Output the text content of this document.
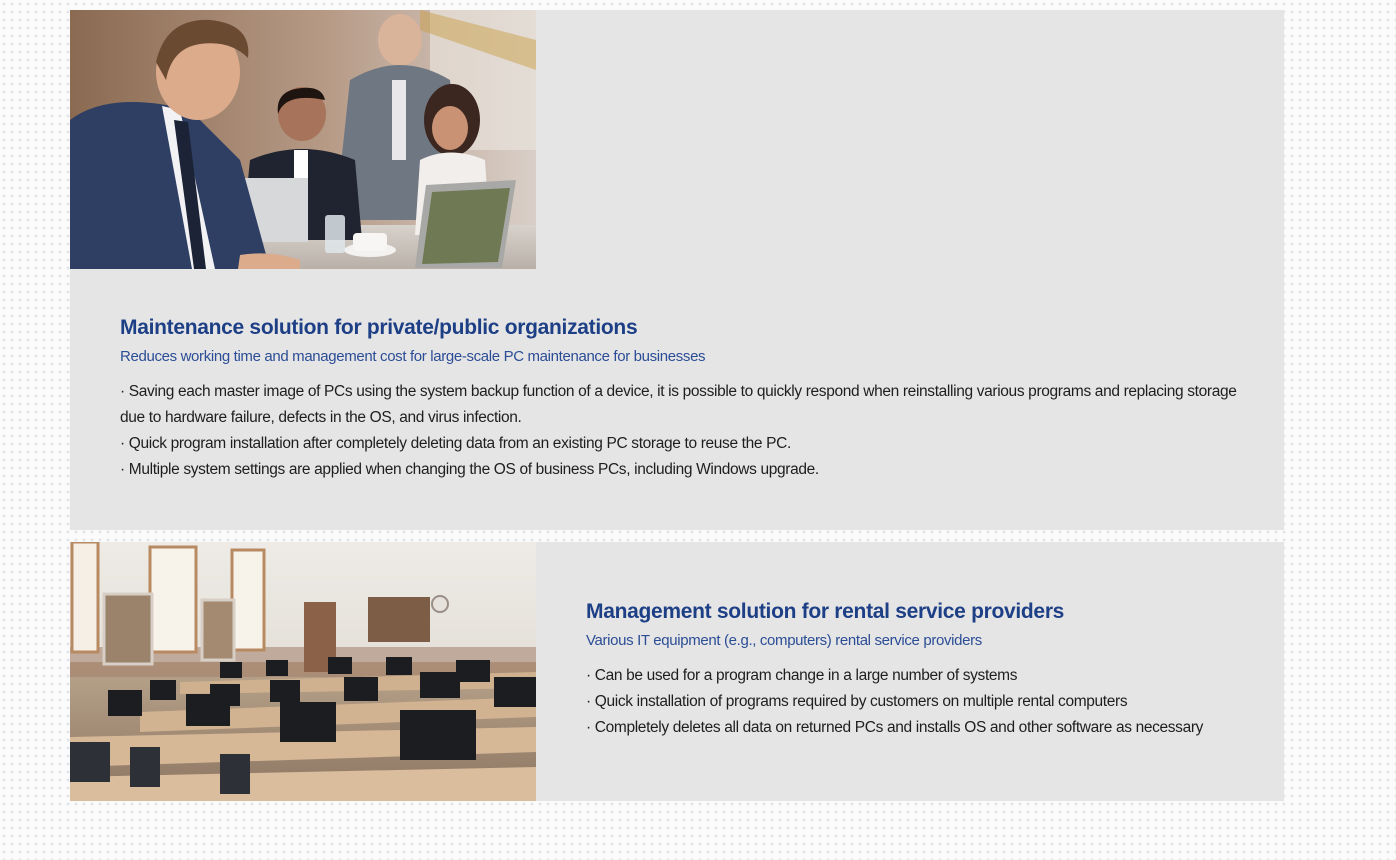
Maintenance solution for private/public organizations

Reduces working time and management cost for large-scale PC maintenance for businesses

· Saving each master image of PCs using the system backup function of a device, it is possible to quickly respond when reinstalling various programs and replacing storage due to hardware failure, defects in the OS, and virus infection.
· Quick program installation after completely deleting data from an existing PC storage to reuse the PC.
· Multiple system settings are applied when changing the OS of business PCs, including Windows upgrade.
Management solution for rental service providers

Various IT equipment (e.g., computers) rental service providers

· Can be used for a program change in a large number of systems
· Quick installation of programs required by customers on multiple rental computers
· Completely deletes all data on returned PCs and installs OS and other software as necessary
